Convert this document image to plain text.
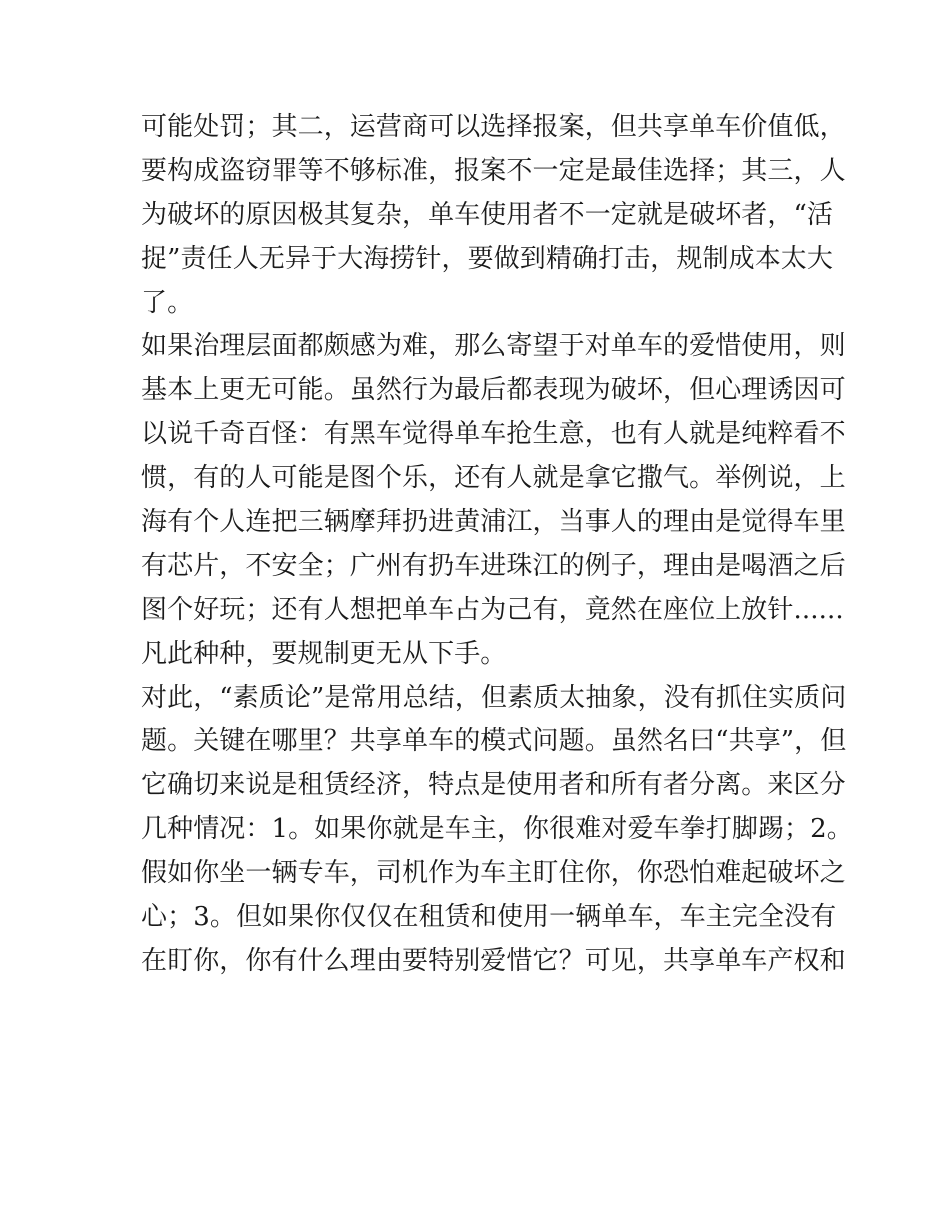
可能处罚；其二，运营商可以选择报案，但共享单车价值低，
要构成盗窃罪等不够标准，报案不一定是最佳选择；其三，人
为破坏的原因极其复杂，单车使用者不一定就是破坏者，“活
捉”责任人无异于大海捞针，要做到精确打击，规制成本太大
了。
如果治理层面都颇感为难，那么寄望于对单车的爱惜使用，则
基本上更无可能。虽然行为最后都表现为破坏，但心理诱因可
以说千奇百怪：有黑车觉得单车抢生意，也有人就是纯粹看不
惯，有的人可能是图个乐，还有人就是拿它撒气。举例说，上
海有个人连把三辆摩拜扔进黄浦江，当事人的理由是觉得车里
有芯片，不安全；广州有扔车进珠江的例子，理由是喝酒之后
图个好玩；还有人想把单车占为己有，竟然在座位上放针......
凡此种种，要规制更无从下手。
对此，“素质论”是常用总结，但素质太抽象，没有抓住实质问
题。关键在哪里？共享单车的模式问题。虽然名曰“共享”，但
它确切来说是租赁经济，特点是使用者和所有者分离。来区分
几种情况：1。如果你就是车主，你很难对爱车拳打脚踢；2。
假如你坐一辆专车，司机作为车主盯住你，你恐怕难起破坏之
心；3。但如果你仅仅在租赁和使用一辆单车，车主完全没有
在盯你，你有什么理由要特别爱惜它？可见，共享单车产权和
